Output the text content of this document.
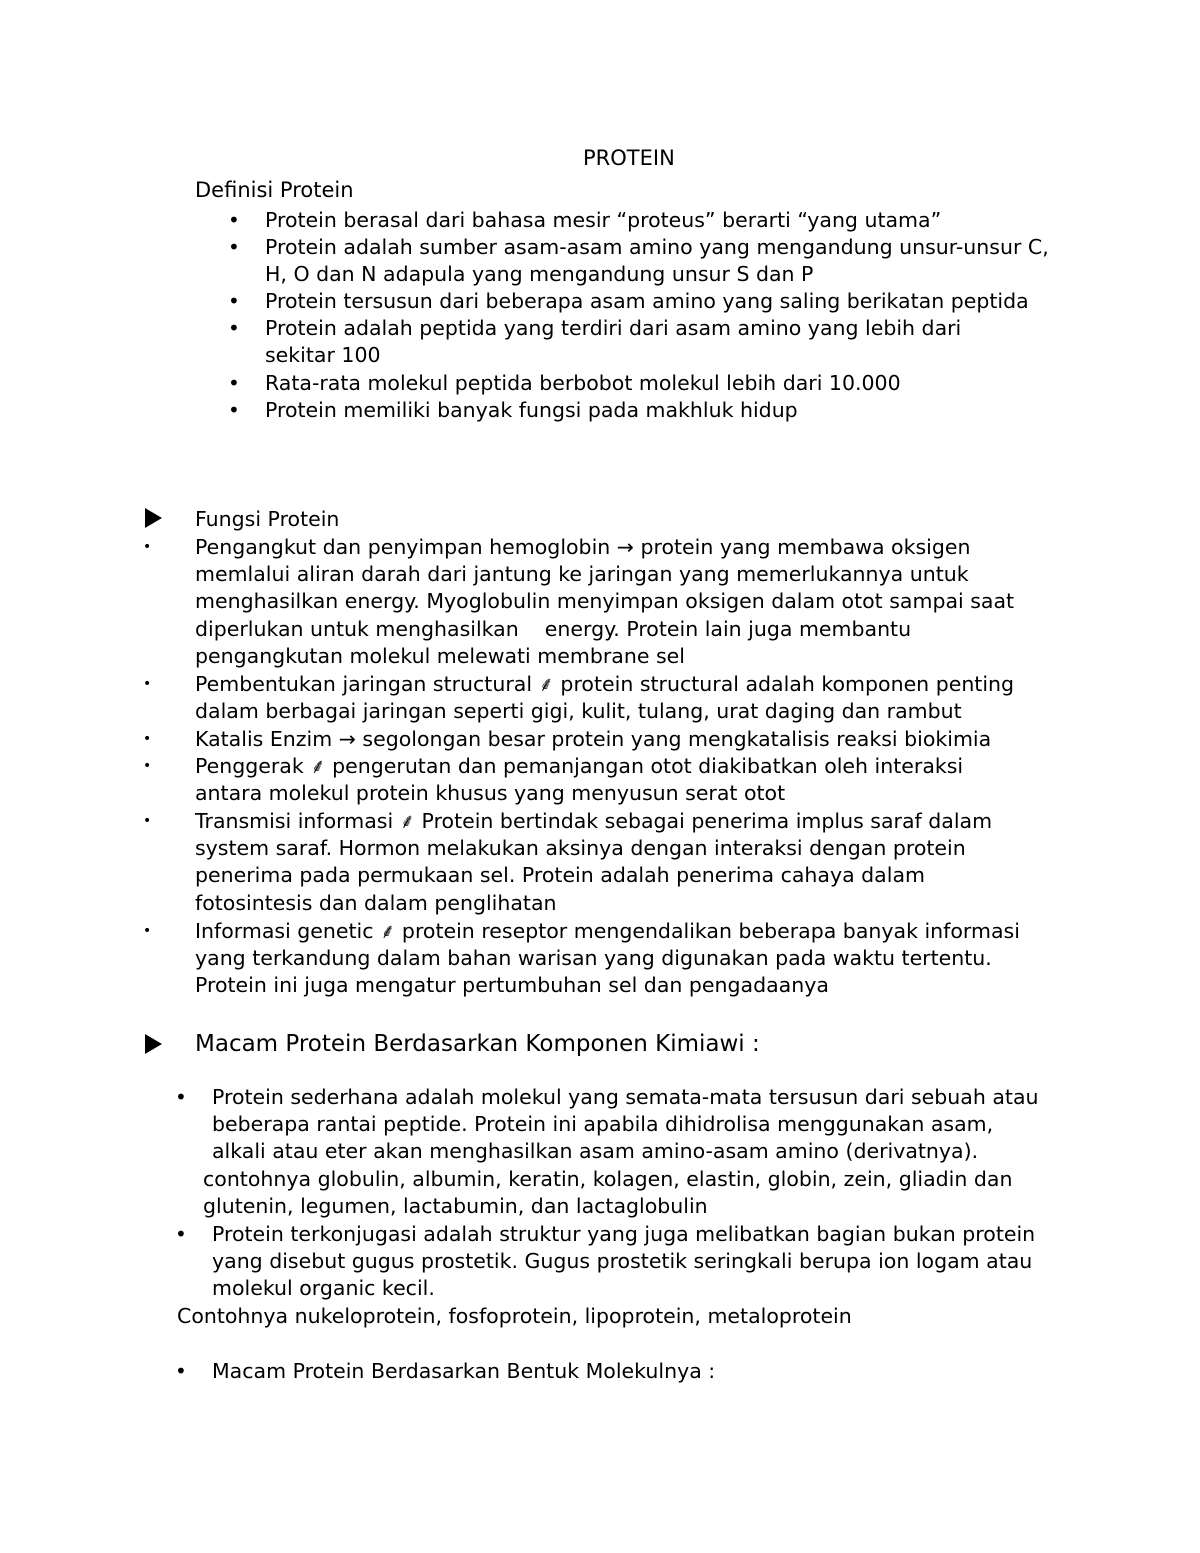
PROTEIN
Definisi Protein
• Protein berasal dari bahasa mesir “proteus” berarti “yang utama”

• Protein adalah sumber asam-asam amino yang mengandung unsur-unsur C,

H, O dan N adapula yang mengandung unsur S dan P

• Protein tersusun dari beberapa asam amino yang saling berikatan peptida

• Protein adalah peptida yang terdiri dari asam amino yang lebih dari

sekitar 100

• Rata-rata molekul peptida berbobot molekul lebih dari 10.000

• Protein memiliki banyak fungsi pada makhluk hidup

Fungsi Protein
• Pengangkut dan penyimpan hemoglobin → protein yang membawa oksigen

memlalui aliran darah dari jantung ke jaringan yang memerlukannya untuk

menghasilkan energy. Myoglobulin menyimpan oksigen dalam otot sampai saat

diperlukan untuk menghasilkan    energy. Protein lain juga membantu

pengangkutan molekul melewati membrane sel

• Pembentukan jaringan structural ⸙ protein structural adalah komponen penting

dalam berbagai jaringan seperti gigi, kulit, tulang, urat daging dan rambut

• Katalis Enzim → segolongan besar protein yang mengkatalisis reaksi biokimia

• Penggerak ⸙ pengerutan dan pemanjangan otot diakibatkan oleh interaksi

antara molekul protein khusus yang menyusun serat otot

• Transmisi informasi ⸙ Protein bertindak sebagai penerima implus saraf dalam

system saraf. Hormon melakukan aksinya dengan interaksi dengan protein

penerima pada permukaan sel. Protein adalah penerima cahaya dalam

fotosintesis dan dalam penglihatan

• Informasi genetic ⸙ protein reseptor mengendalikan beberapa banyak informasi

yang terkandung dalam bahan warisan yang digunakan pada waktu tertentu.

Protein ini juga mengatur pertumbuhan sel dan pengadaanya

Macam Protein Berdasarkan Komponen Kimiawi :
• Protein sederhana adalah molekul yang semata-mata tersusun dari sebuah atau

beberapa rantai peptide. Protein ini apabila dihidrolisa menggunakan asam,

alkali atau eter akan menghasilkan asam amino-asam amino (derivatnya).

contohnya globulin, albumin, keratin, kolagen, elastin, globin, zein, gliadin dan

glutenin, legumen, lactabumin, dan lactaglobulin

• Protein terkonjugasi adalah struktur yang juga melibatkan bagian bukan protein

yang disebut gugus prostetik. Gugus prostetik seringkali berupa ion logam atau

molekul organic kecil.

Contohnya nukeloprotein, fosfoprotein, lipoprotein, metaloprotein
• Macam Protein Berdasarkan Bentuk Molekulnya :
